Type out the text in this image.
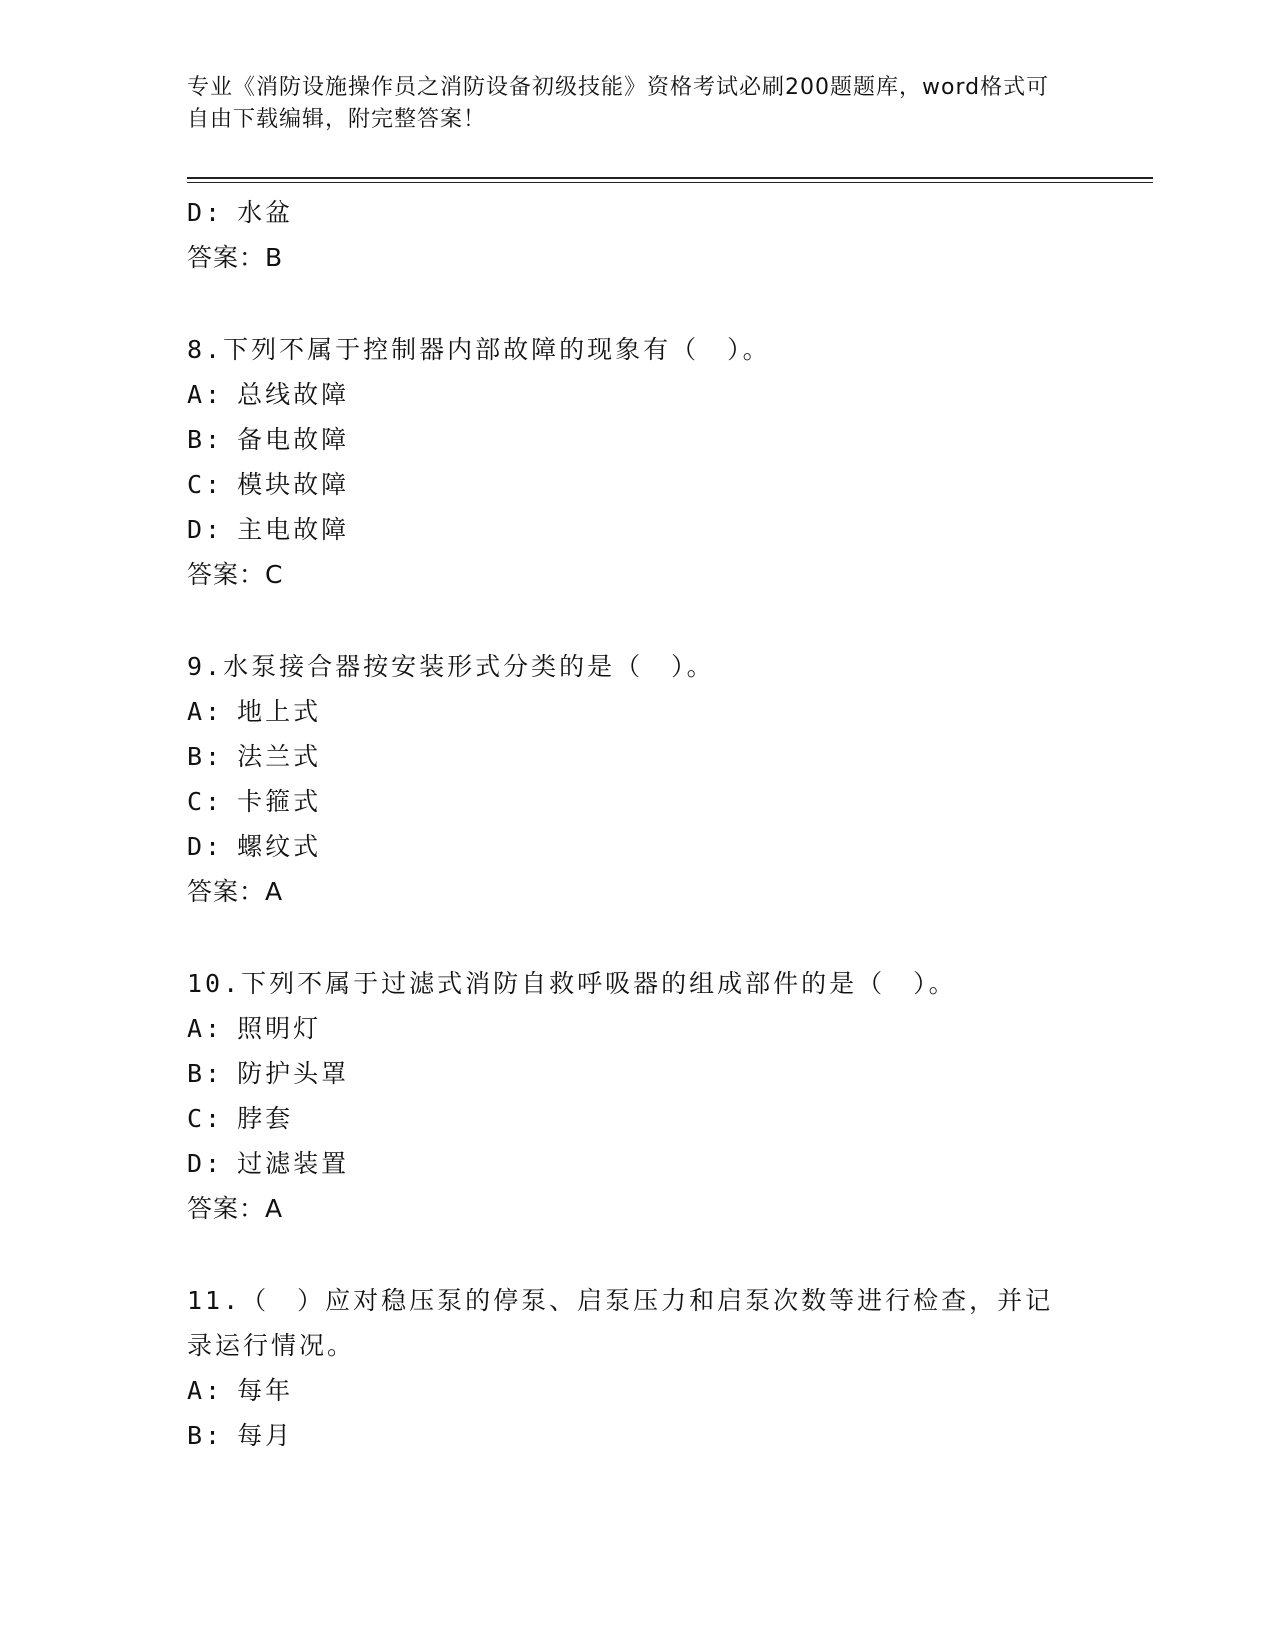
专业《消防设施操作员之消防设备初级技能》资格考试必刷200题题库，word格式可自由下载编辑，附完整答案！
D: 水盆
答案：B
8.下列不属于控制器内部故障的现象有（　）。
A: 总线故障
B: 备电故障
C: 模块故障
D: 主电故障
答案：C
9.水泵接合器按安装形式分类的是（　）。
A: 地上式
B: 法兰式
C: 卡箍式
D: 螺纹式
答案：A
10.下列不属于过滤式消防自救呼吸器的组成部件的是（　）。
A: 照明灯
B: 防护头罩
C: 脖套
D: 过滤装置
答案：A
11.（　）应对稳压泵的停泵、启泵压力和启泵次数等进行检查，并记录运行情况。
A: 每年
B: 每月
